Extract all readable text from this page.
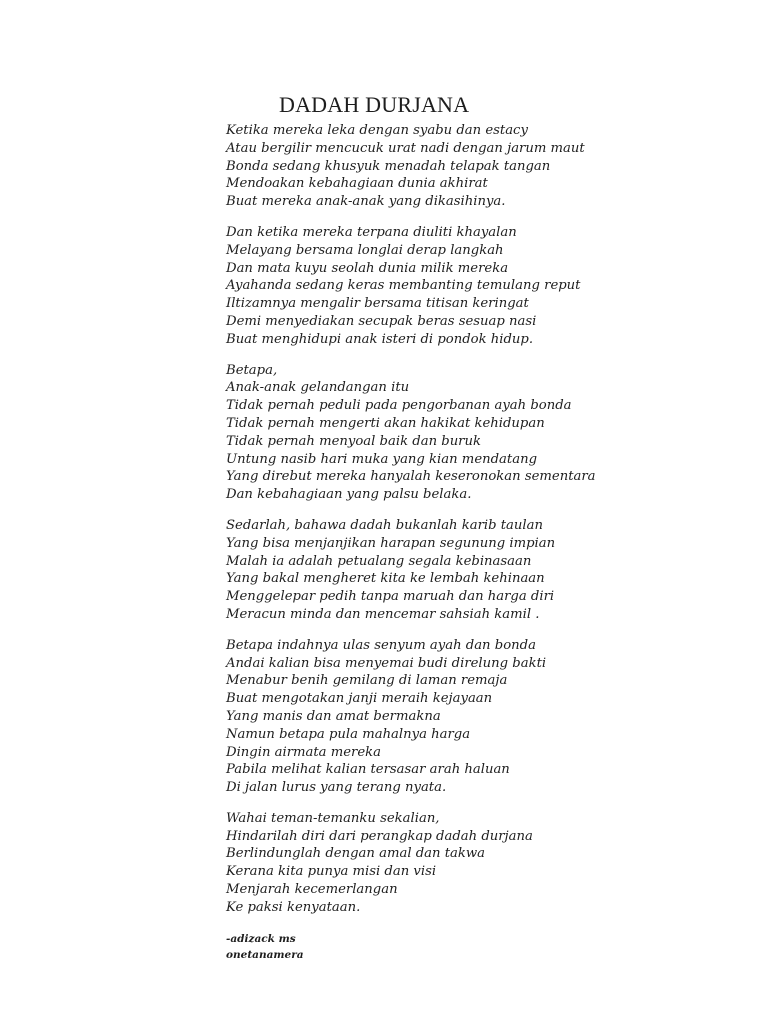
DADAH DURJANA
Ketika mereka leka dengan syabu dan estacy
Atau bergilir mencucuk urat nadi dengan jarum maut
Bonda sedang khusyuk menadah telapak tangan
Mendoakan kebahagiaan dunia akhirat
Buat mereka anak-anak yang dikasihinya.
Dan ketika mereka terpana diuliti khayalan
Melayang bersama longlai derap langkah
Dan mata kuyu seolah dunia milik mereka
Ayahanda sedang keras membanting temulang reput
Iltizamnya mengalir bersama titisan keringat
Demi menyediakan secupak beras sesuap nasi
Buat menghidupi anak isteri di pondok hidup.
Betapa,
Anak-anak gelandangan itu
Tidak pernah peduli pada pengorbanan ayah bonda
Tidak pernah mengerti akan hakikat kehidupan
Tidak pernah menyoal baik dan buruk
Untung nasib hari muka yang kian mendatang
Yang direbut mereka hanyalah keseronokan sementara
Dan kebahagiaan yang palsu belaka.
Sedarlah, bahawa dadah bukanlah karib taulan
Yang bisa menjanjikan harapan segunung impian
Malah ia adalah petualang segala kebinasaan
Yang bakal mengheret kita ke lembah kehinaan
Menggelepar pedih tanpa maruah dan harga diri
Meracun minda dan mencemar sahsiah kamil .
Betapa indahnya ulas senyum ayah dan bonda
Andai kalian bisa menyemai budi direlung bakti
Menabur benih gemilang di laman remaja
Buat mengotakan janji meraih kejayaan
Yang manis dan amat bermakna
Namun betapa pula mahalnya harga
Dingin airmata mereka
Pabila melihat kalian tersasar arah haluan
Di jalan lurus yang terang nyata.
Wahai teman-temanku sekalian,
Hindarilah diri dari perangkap dadah durjana
Berlindunglah dengan amal dan takwa
Kerana kita punya misi dan visi
Menjarah kecemerlangan
Ke paksi kenyataan.
-adizack ms
onetanamera
